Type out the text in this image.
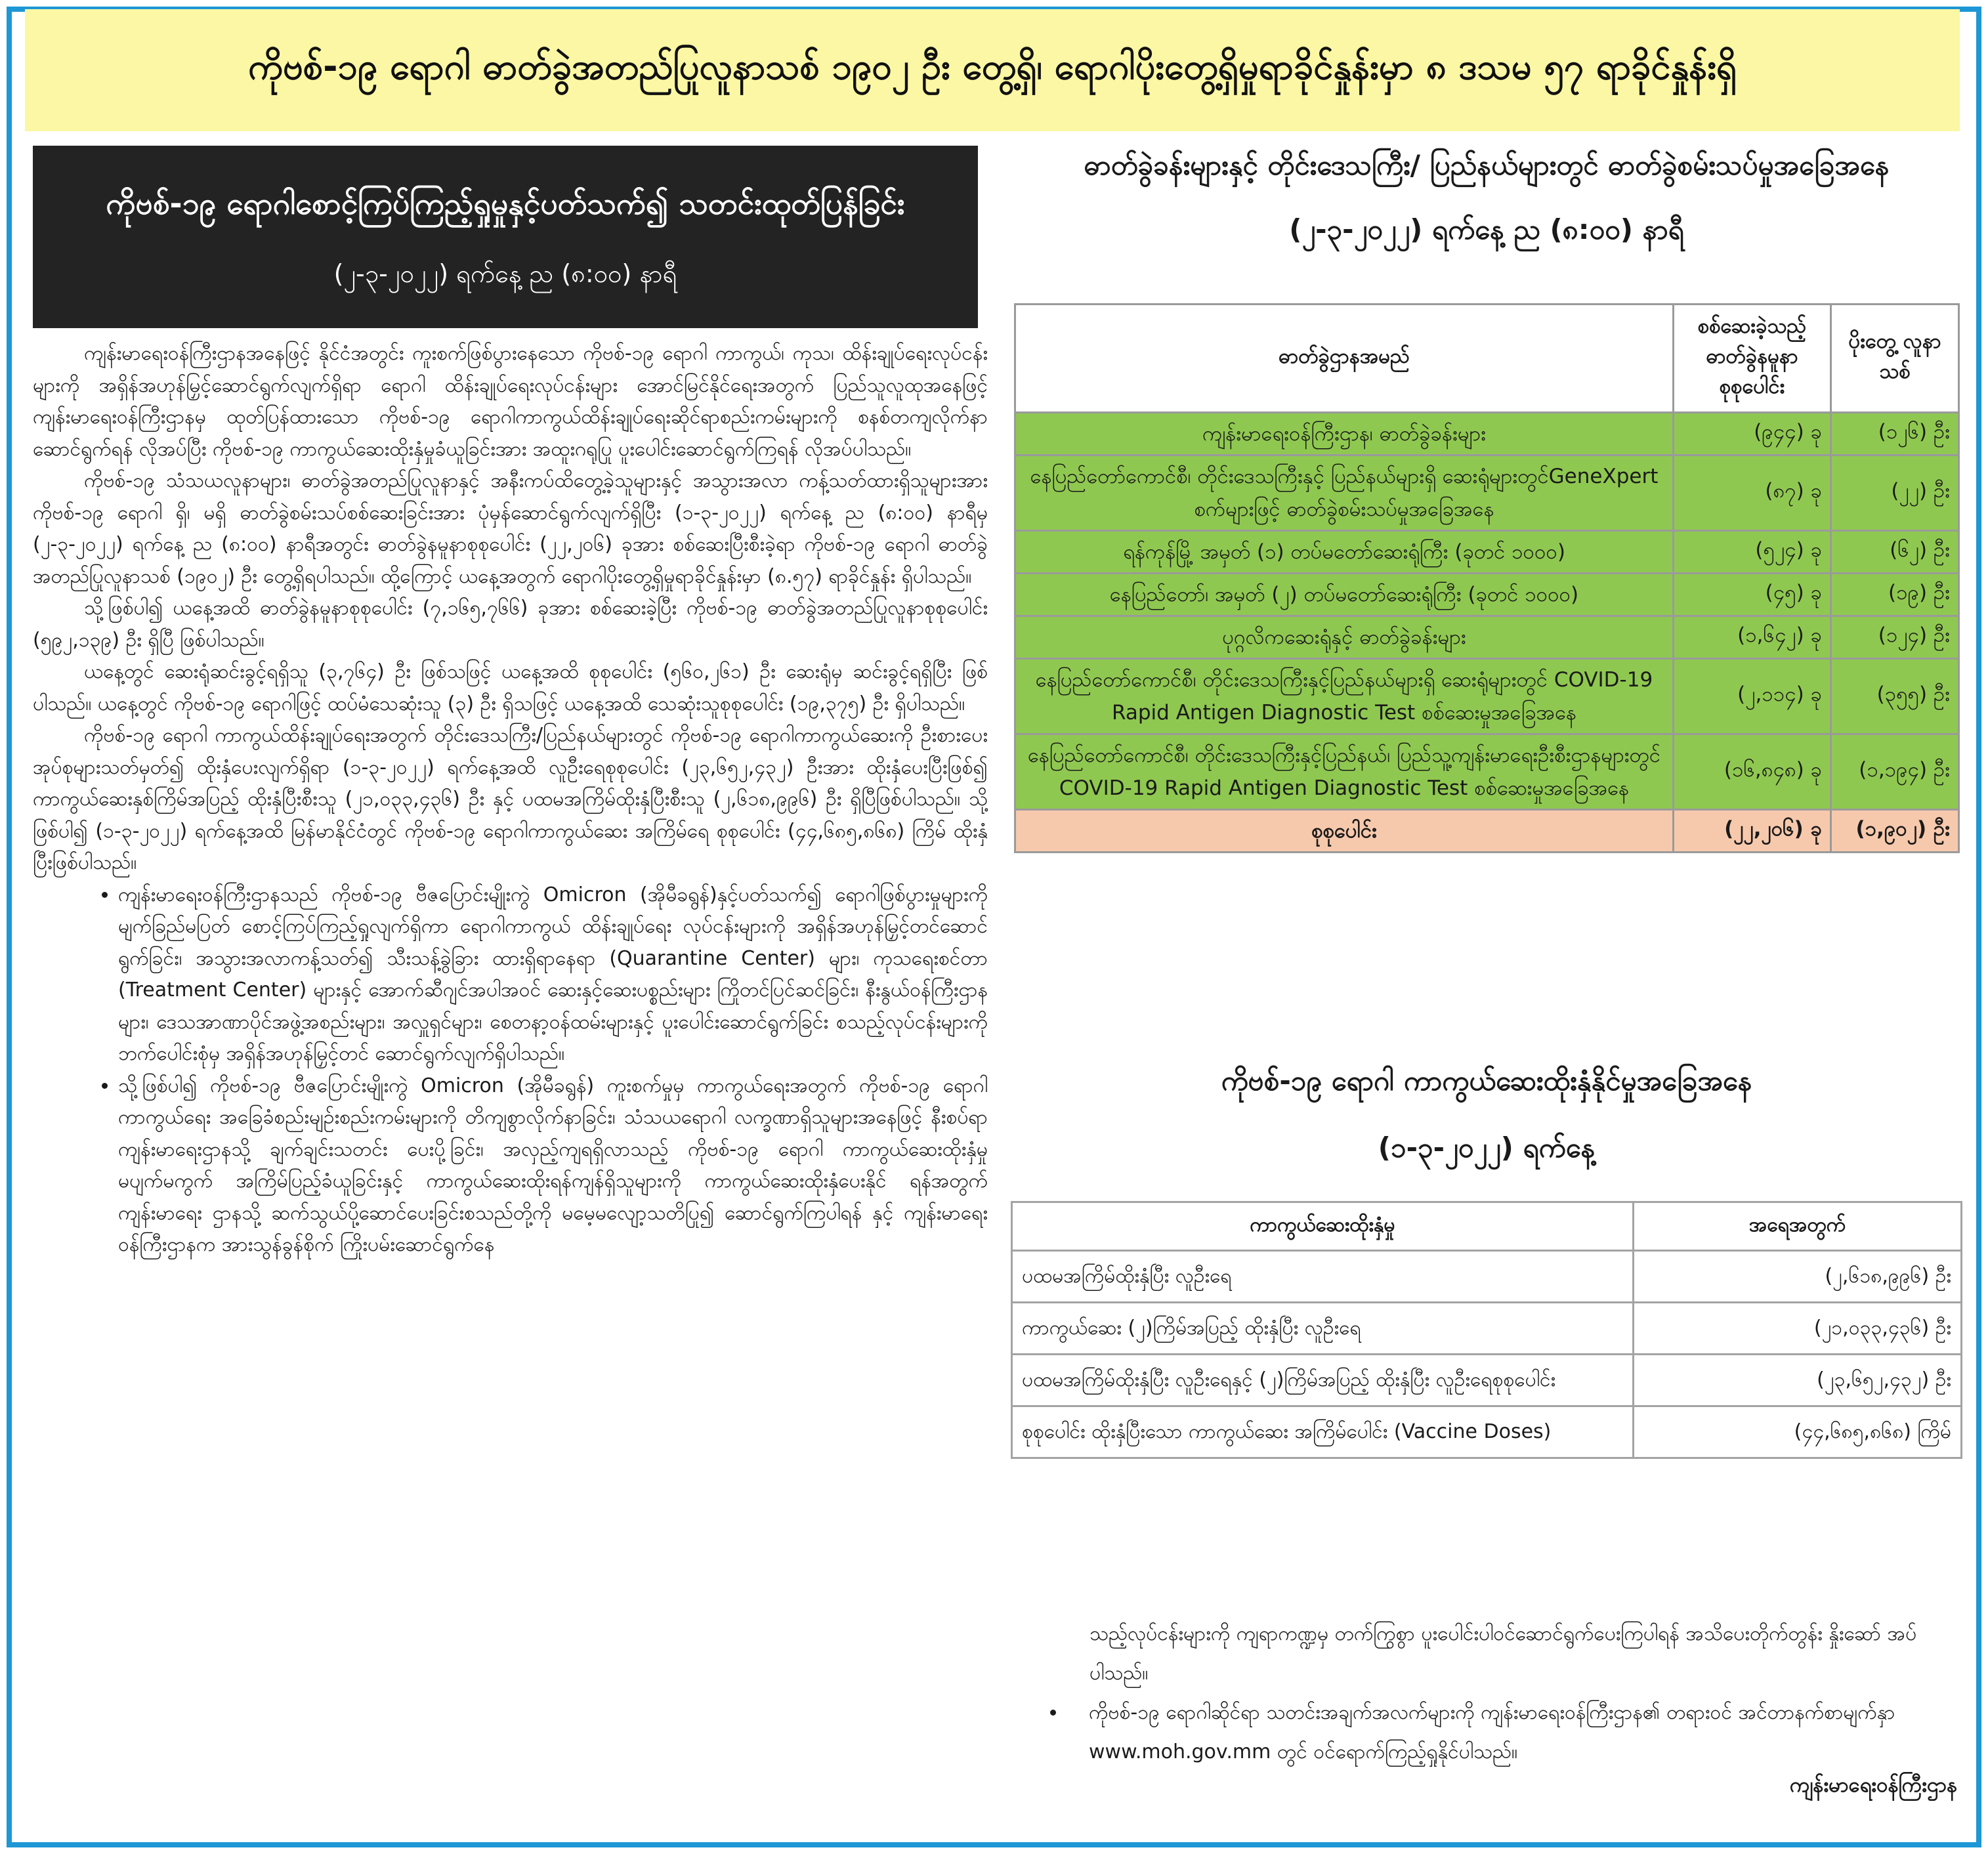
ကိုဗစ်-၁၉ ရောဂါ ဓာတ်ခွဲအတည်ပြုလူနာသစ် ၁၉၀၂ ဦး တွေ့ရှိ၊ ရောဂါပိုးတွေ့ရှိမှုရာခိုင်နှုန်းမှာ ၈ ဒသမ ၅၇ ရာခိုင်နှုန်းရှိ
ကိုဗစ်-၁၉ ရောဂါစောင့်ကြပ်ကြည့်ရှုမှုနှင့်ပတ်သက်၍ သတင်းထုတ်ပြန်ခြင်း
(၂-၃-၂၀၂၂) ရက်နေ့ ည (၈:၀၀) နာရီ

ကျန်းမာရေးဝန်ကြီးဌာနအနေဖြင့် နိုင်ငံအတွင်း ကူးစက်ဖြစ်ပွားနေသော ကိုဗစ်-၁၉ ရောဂါ ကာကွယ်၊ ကုသ၊ ထိန်းချုပ်ရေးလုပ်ငန်းများကို အရှိန်အဟုန်မြှင့်ဆောင်ရွက်လျက်ရှိရာ ရောဂါ ထိန်းချုပ်ရေးလုပ်ငန်းများ အောင်မြင်နိုင်ရေးအတွက် ပြည်သူလူထုအနေဖြင့် ကျန်းမာရေးဝန်ကြီးဌာနမှ ထုတ်ပြန်ထားသော ကိုဗစ်-၁၉ ရောဂါကာကွယ်ထိန်းချုပ်ရေးဆိုင်ရာစည်းကမ်းများကို စနစ်တကျလိုက်နာဆောင်ရွက်ရန် လိုအပ်ပြီး ကိုဗစ်-၁၉ ကာကွယ်ဆေးထိုးနှံမှုခံယူခြင်းအား အထူးဂရုပြု ပူးပေါင်းဆောင်ရွက်ကြရန် လိုအပ်ပါသည်။

ကိုဗစ်-၁၉ သံသယလူနာများ၊ ဓာတ်ခွဲအတည်ပြုလူနာနှင့် အနီးကပ်ထိတွေ့ခဲ့သူများနှင့် အသွားအလာ ကန့်သတ်ထားရှိသူများအား ကိုဗစ်-၁၉ ရောဂါ ရှိ၊ မရှိ ဓာတ်ခွဲစမ်းသပ်စစ်ဆေးခြင်းအား ပုံမှန်ဆောင်ရွက်လျက်ရှိပြီး (၁-၃-၂၀၂၂) ရက်နေ့ ည (၈:၀၀) နာရီမှ (၂-၃-၂၀၂၂) ရက်နေ့ ည (၈:၀၀) နာရီအတွင်း ဓာတ်ခွဲနမူနာစုစုပေါင်း (၂၂,၂၀၆) ခုအား စစ်ဆေးပြီးစီးခဲ့ရာ ကိုဗစ်-၁၉ ရောဂါ ဓာတ်ခွဲအတည်ပြုလူနာသစ် (၁၉၀၂) ဦး တွေ့ရှိရပါသည်။ ထို့ကြောင့် ယနေ့အတွက် ရောဂါပိုးတွေ့ရှိမှုရာခိုင်နှုန်းမှာ (၈.၅၇) ရာခိုင်နှုန်း ရှိပါသည်။

သို့ဖြစ်ပါ၍ ယနေ့အထိ ဓာတ်ခွဲနမူနာစုစုပေါင်း (၇,၁၆၅,၇၆၆) ခုအား စစ်ဆေးခဲ့ပြီး ကိုဗစ်-၁၉ ဓာတ်ခွဲအတည်ပြုလူနာစုစုပေါင်း (၅၉၂,၁၃၉) ဦး ရှိပြီ ဖြစ်ပါသည်။

ယနေ့တွင် ဆေးရုံဆင်းခွင့်ရရှိသူ (၃,၇၆၄) ဦး ဖြစ်သဖြင့် ယနေ့အထိ စုစုပေါင်း (၅၆၀,၂၆၁) ဦး ဆေးရုံမှ ဆင်းခွင့်ရရှိပြီး ဖြစ်ပါသည်။ ယနေ့တွင် ကိုဗစ်-၁၉ ရောဂါဖြင့် ထပ်မံသေဆုံးသူ (၃) ဦး ရှိသဖြင့် ယနေ့အထိ သေဆုံးသူစုစုပေါင်း (၁၉,၃၇၅) ဦး ရှိပါသည်။

ကိုဗစ်-၁၉ ရောဂါ ကာကွယ်ထိန်းချုပ်ရေးအတွက် တိုင်းဒေသကြီး/ပြည်နယ်များတွင် ကိုဗစ်-၁၉ ရောဂါကာကွယ်ဆေးကို ဦးစားပေးအုပ်စုများသတ်မှတ်၍ ထိုးနှံပေးလျက်ရှိရာ (၁-၃-၂၀၂၂) ရက်နေ့အထိ လူဦးရေစုစုပေါင်း (၂၃,၆၅၂,၄၃၂) ဦးအား ထိုးနှံပေးပြီးဖြစ်၍ ကာကွယ်ဆေးနှစ်ကြိမ်အပြည့် ထိုးနှံပြီးစီးသူ (၂၁,၀၃၃,၄၃၆) ဦး နှင့် ပထမအကြိမ်ထိုးနှံပြီးစီးသူ (၂,၆၁၈,၉၉၆) ဦး ရှိပြီဖြစ်ပါသည်။ သို့ဖြစ်ပါ၍ (၁-၃-၂၀၂၂) ရက်နေ့အထိ မြန်မာနိုင်ငံတွင် ကိုဗစ်-၁၉ ရောဂါကာကွယ်ဆေး အကြိမ်ရေ စုစုပေါင်း (၄၄,၆၈၅,၈၆၈) ကြိမ် ထိုးနှံပြီးဖြစ်ပါသည်။

• ကျန်းမာရေးဝန်ကြီးဌာနသည် ကိုဗစ်-၁၉ ဗီဇပြောင်းမျိုးကွဲ Omicron (အိုမီခရွန်)နှင့်ပတ်သက်၍ ရောဂါဖြစ်ပွားမှုများကို မျက်ခြည်မပြတ် စောင့်ကြပ်ကြည့်ရှုလျက်ရှိကာ ရောဂါကာကွယ် ထိန်းချုပ်ရေး လုပ်ငန်းများကို အရှိန်အဟုန်မြှင့်တင်ဆောင်ရွက်ခြင်း၊ အသွားအလာကန့်သတ်၍ သီးသန့်ခွဲခြား ထားရှိရာနေရာ (Quarantine Center) များ၊ ကုသရေးစင်တာ (Treatment Center) များနှင့် အောက်ဆီဂျင်အပါအဝင် ဆေးနှင့်ဆေးပစ္စည်းများ ကြိုတင်ပြင်ဆင်ခြင်း၊ နီးနွယ်ဝန်ကြီးဌာနများ၊ ဒေသအာဏာပိုင်အဖွဲ့အစည်းများ၊ အလှူရှင်များ၊ စေတနာ့ဝန်ထမ်းများနှင့် ပူးပေါင်းဆောင်ရွက်ခြင်း စသည့်လုပ်ငန်းများကို ဘက်ပေါင်းစုံမှ အရှိန်အဟုန်မြှင့်တင် ဆောင်ရွက်လျက်ရှိပါသည်။
• သို့ဖြစ်ပါ၍ ကိုဗစ်-၁၉ ဗီဇပြောင်းမျိုးကွဲ Omicron (အိုမီခရွန်) ကူးစက်မှုမှ ကာကွယ်ရေးအတွက် ကိုဗစ်-၁၉ ရောဂါကာကွယ်ရေး အခြေခံစည်းမျဉ်းစည်းကမ်းများကို တိကျစွာလိုက်နာခြင်း၊ သံသယရောဂါ လက္ခဏာရှိသူများအနေဖြင့် နီးစပ်ရာကျန်းမာရေးဌာနသို့ ချက်ချင်းသတင်း ပေးပို့ခြင်း၊ အလှည့်ကျရရှိလာသည့် ကိုဗစ်-၁၉ ရောဂါ ကာကွယ်ဆေးထိုးနှံမှု မပျက်မကွက် အကြိမ်ပြည့်ခံယူခြင်းနှင့် ကာကွယ်ဆေးထိုးရန်ကျန်ရှိသူများကို ကာကွယ်ဆေးထိုးနှံပေးနိုင် ရန်အတွက် ကျန်းမာရေး ဌာနသို့ ဆက်သွယ်ပို့ဆောင်ပေးခြင်းစသည်တို့ကို မမေ့မလျော့သတိပြု၍ ဆောင်ရွက်ကြပါရန် နှင့် ကျန်းမာရေးဝန်ကြီးဌာနက အားသွန်ခွန်စိုက် ကြိုးပမ်းဆောင်ရွက်နေ
ဓာတ်ခွဲခန်းများနှင့် တိုင်းဒေသကြီး/ ပြည်နယ်များတွင် ဓာတ်ခွဲစမ်းသပ်မှုအခြေအနေ
(၂-၃-၂၀၂၂) ရက်နေ့ ည (၈:၀၀) နာရီ
ဓာတ်ခွဲဌာနအမည်	စစ်ဆေးခဲ့သည့် ဓာတ်ခွဲနမူနာ စုစုပေါင်း	ပိုးတွေ့ လူနာသစ်
ကျန်းမာရေးဝန်ကြီးဌာန၊ ဓာတ်ခွဲခန်းများ	(၉၄၄) ခု	(၁၂၆) ဦး
နေပြည်တော်ကောင်စီ၊ တိုင်းဒေသကြီးနှင့် ပြည်နယ်များရှိ ဆေးရုံများတွင်GeneXpert စက်များဖြင့် ဓာတ်ခွဲစမ်းသပ်မှုအခြေအနေ	(၈၇) ခု	(၂၂) ဦး
ရန်ကုန်မြို့ အမှတ် (၁) တပ်မတော်ဆေးရုံကြီး (ခုတင် ၁၀၀၀)	(၅၂၄) ခု	(၆၂) ဦး
နေပြည်တော်၊ အမှတ် (၂) တပ်မတော်ဆေးရုံကြီး (ခုတင် ၁၀၀၀)	(၄၅) ခု	(၁၉) ဦး
ပုဂ္ဂလိကဆေးရုံနှင့် ဓာတ်ခွဲခန်းများ	(၁,၆၄၂) ခု	(၁၂၄) ဦး
နေပြည်တော်ကောင်စီ၊ တိုင်းဒေသကြီးနှင့်ပြည်နယ်များရှိ ဆေးရုံများတွင် COVID-19 Rapid Antigen Diagnostic Test စစ်ဆေးမှုအခြေအနေ	(၂,၁၁၄) ခု	(၃၅၅) ဦး
နေပြည်တော်ကောင်စီ၊ တိုင်းဒေသကြီးနှင့်ပြည်နယ်၊ ပြည်သူ့ကျန်းမာရေးဦးစီးဌာနများတွင် COVID-19 Rapid Antigen Diagnostic Test စစ်ဆေးမှုအခြေအနေ	(၁၆,၈၄၈) ခု	(၁,၁၉၄) ဦး
စုစုပေါင်း	(၂၂,၂၀၆) ခု	(၁,၉၀၂) ဦး
ကိုဗစ်-၁၉ ရောဂါ ကာကွယ်ဆေးထိုးနှံနိုင်မှုအခြေအနေ
(၁-၃-၂၀၂၂) ရက်နေ့
ကာကွယ်ဆေးထိုးနှံမှု	အရေအတွက်
ပထမအကြိမ်ထိုးနှံပြီး လူဦးရေ	(၂,၆၁၈,၉၉၆) ဦး
ကာကွယ်ဆေး (၂)ကြိမ်အပြည့် ထိုးနှံပြီး လူဦးရေ	(၂၁,၀၃၃,၄၃၆) ဦး
ပထမအကြိမ်ထိုးနှံပြီး လူဦးရေနှင့် (၂)ကြိမ်အပြည့် ထိုးနှံပြီး လူဦးရေစုစုပေါင်း	(၂၃,၆၅၂,၄၃၂) ဦး
စုစုပေါင်း ထိုးနှံပြီးသော ကာကွယ်ဆေး အကြိမ်ပေါင်း (Vaccine Doses)	(၄၄,၆၈၅,၈၆၈) ကြိမ်

သည့်လုပ်ငန်းများကို ကျရာကဏ္ဍမှ တက်ကြွစွာ ပူးပေါင်းပါဝင်ဆောင်ရွက်ပေးကြပါရန် အသိပေးတိုက်တွန်း နှိုးဆော် အပ်ပါသည်။

• ကိုဗစ်-၁၉ ရောဂါဆိုင်ရာ သတင်းအချက်အလက်များကို ကျန်းမာရေးဝန်ကြီးဌာန၏ တရားဝင် အင်တာနက်စာမျက်နှာ www.moh.gov.mm တွင် ဝင်ရောက်ကြည့်ရှုနိုင်ပါသည်။
ကျန်းမာရေးဝန်ကြီးဌာန
